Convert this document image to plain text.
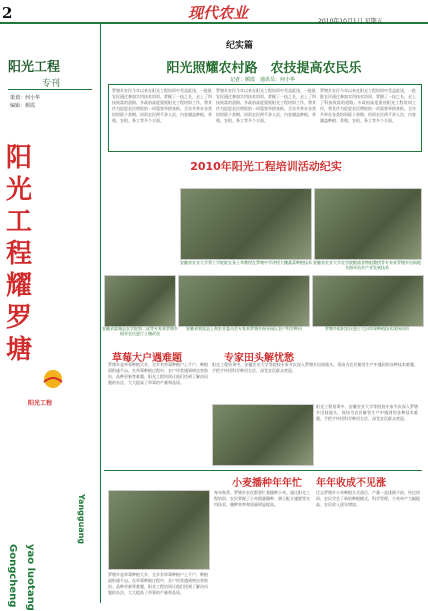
2	现代农业	2010年10月1日 星期五
阳光工程
专刊
策划：何小华
编辑：颜霞
阳光工程耀罗塘
阳光工程
Yangguang
Gongcheng yao luotang
纪实篇
阳光照耀农村路　农技提高农民乐
记者：颜霞　通讯员：何小华
罗塘乡农民今年以来在阳光工程培训中受益匪浅，一批批农民通过参加实用技术培训，掌握了一技之长，走上了科技致富的道路。乡政府高度重视阳光工程培训工作，将其作为促进农民增收的一项重要举措来抓。全年共举办各类培训班十余期，培训农民两千余人次，内容涵盖种植、养殖、农机、务工等多个方面。
罗塘乡农民今年以来在阳光工程培训中受益匪浅，一批批农民通过参加实用技术培训，掌握了一技之长，走上了科技致富的道路。乡政府高度重视阳光工程培训工作，将其作为促进农民增收的一项重要举措来抓。全年共举办各类培训班十余期，培训农民两千余人次，内容涵盖种植、养殖、农机、务工等多个方面。
罗塘乡农民今年以来在阳光工程培训中受益匪浅，一批批农民通过参加实用技术培训，掌握了一技之长，走上了科技致富的道路。乡政府高度重视阳光工程培训工作，将其作为促进农民增收的一项重要举措来抓。全年共举办各类培训班十余期，培训农民两千余人次，内容涵盖种植、养殖、农机、务工等多个方面。
2010年阳光工程培训活动纪实
安徽省农业大学将工学院院长张士华教授在罗塘中学讲授大棚蔬菜种植技术 安徽省农业大学农学院粮油食物组教授等专家来罗塘乡田间地头指导苗木产业发展技术
安徽省蒙城县农学院郭二虎等专家来罗塘乡指导农民进行土壤改良
安徽省黄泥县上海农业委员会专家来罗塘乡指导园区农户科学种田	罗塘乡组织农民进行大田草莓种植技术现场培训
草莓大户遇难题
罗塘乡是草莓种植大乡，全乡有草莓种植户上千户，种植面积逾千亩。在草莓种植过程中，农户经常遇到病虫害防治、品种更新等难题，阳光工程培训让他们找到了解决问题的办法，大大提高了草莓的产量和品质。
专家田头解忧愁
阳光工程培训中，安徽农业大学等院校专家多次深入罗塘乡田间地头，现场为农民解答生产中遇到的各种技术难题，手把手传授科学种田方法，深受农民群众欢迎。
阳光工程培训中，安徽农业大学等院校专家多次深入罗塘乡田间地头，现场为农民解答生产中遇到的各种技术难题，手把手传授科学种田方法，深受农民群众欢迎。
小麦播种年年忙 年年收成不见涨
每年秋季，罗塘乡农民都要忙着播种小麦。通过阳光工程培训，农民掌握了小麦精量播种、测土配方施肥等实用技术，播种效率和质量明显提高。
过去罗塘乡小麦种植方式落后，产量一直徘徊不前。经过培训，农民学会了新的种植模式，科学管理，小麦单产大幅提高，农民收入逐年增加。
罗塘乡是草莓种植大乡，全乡有草莓种植户上千户，种植面积逾千亩。在草莓种植过程中，农户经常遇到病虫害防治、品种更新等难题，阳光工程培训让他们找到了解决问题的办法，大大提高了草莓的产量和品质。
